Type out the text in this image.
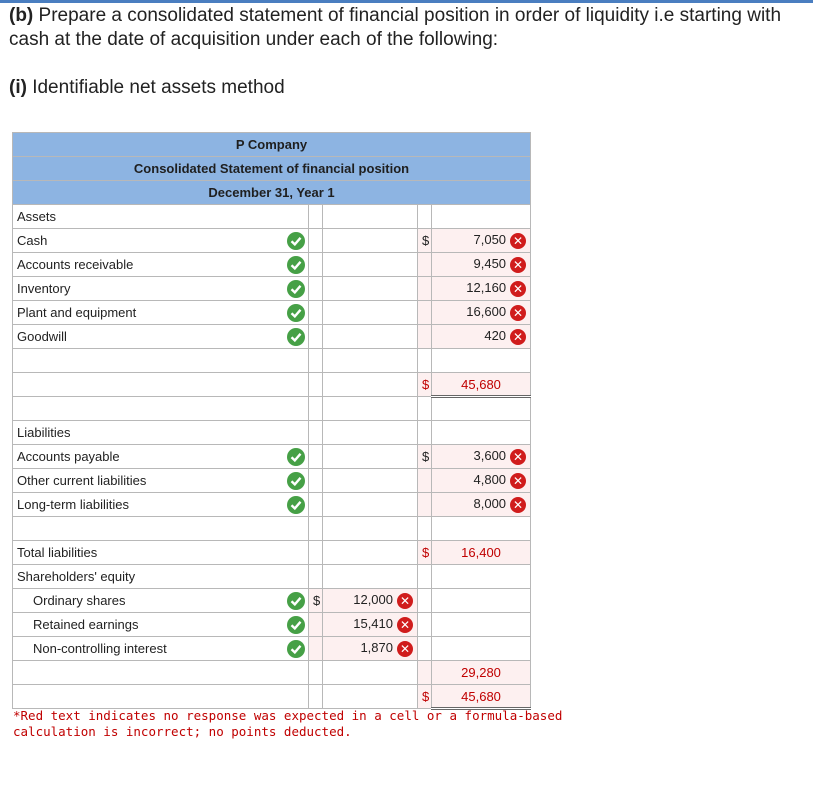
(b) Prepare a consolidated statement of financial position in order of liquidity i.e starting with cash at the date of acquisition under each of the following:
(i) Identifiable net assets method
P Company				
Consolidated Statement of financial position				
December 31, Year 1				
Assets				
Cash			$	7,050 ✕
Accounts receivable				9,450 ✕
Inventory				12,160 ✕
Plant and equipment				16,600 ✕
Goodwill				420 ✕

			$	45,680

Liabilities				
Accounts payable			$	3,600 ✕
Other current liabilities				4,800 ✕
Long-term liabilities				8,000 ✕

Total liabilities			$	16,400
Shareholders' equity				
Ordinary shares	$	12,000 ✕		
Retained earnings		15,410 ✕		
Non-controlling interest		1,870 ✕		
				29,280
			$	45,680
*Red text indicates no response was expected in a cell or a formula-based calculation is incorrect; no points deducted.
